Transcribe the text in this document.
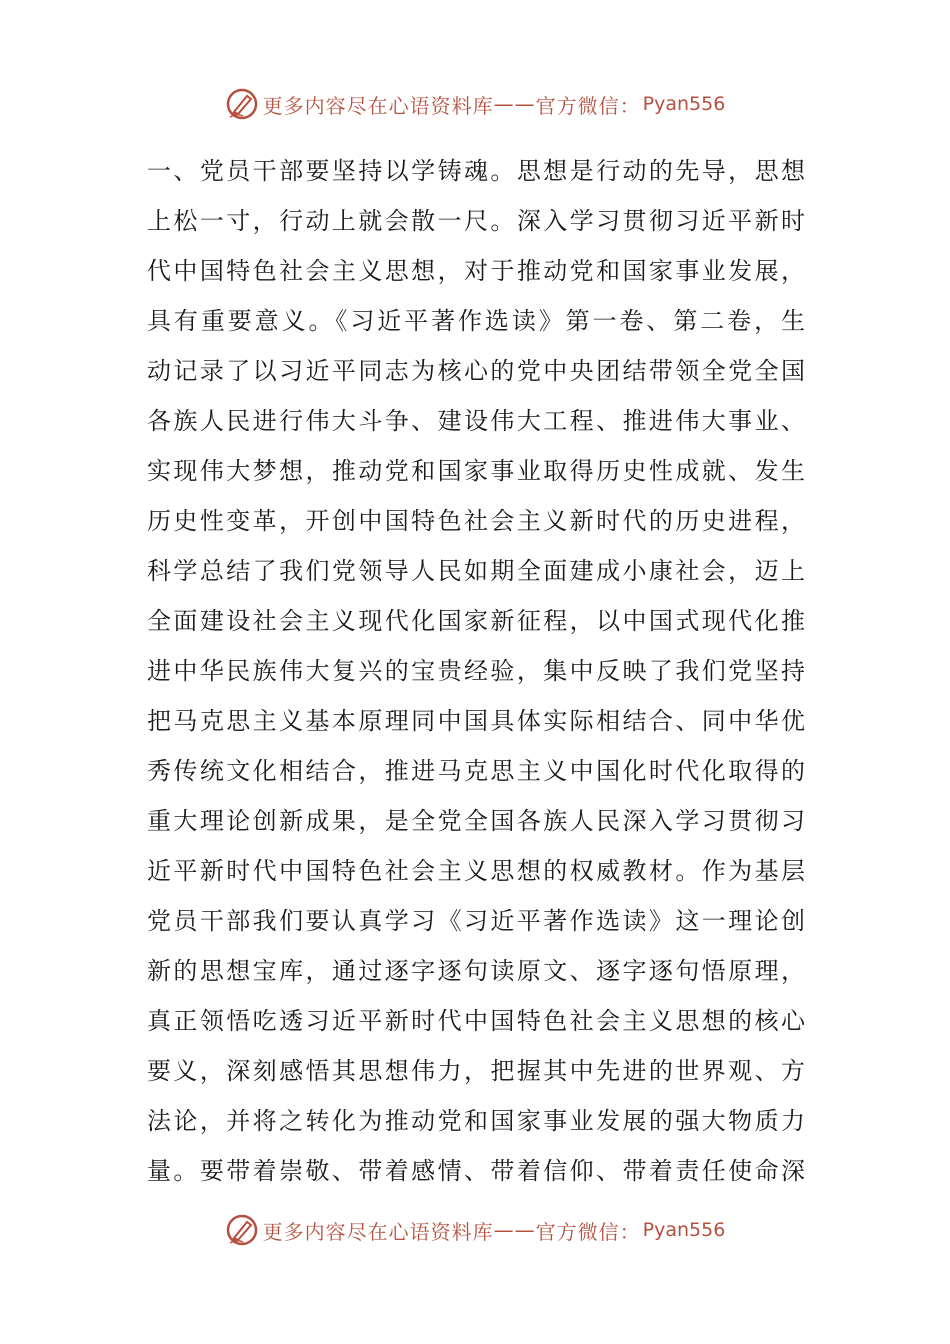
更多内容尽在心语资料库 —— 官方微信： Pyan556
一、党员干部要坚持以学铸魂。思想是行动的先导，思想
上松一寸，行动上就会散一尺。深入学习贯彻习近平新时
代中国特色社会主义思想，对于推动党和国家事业发展，
具有重要意义。《习近平著作选读》第一卷、第二卷，生
动记录了以习近平同志为核心的党中央团结带领全党全国
各族人民进行伟大斗争、建设伟大工程、推进伟大事业、
实现伟大梦想，推动党和国家事业取得历史性成就、发生
历史性变革，开创中国特色社会主义新时代的历史进程，
科学总结了我们党领导人民如期全面建成小康社会，迈上
全面建设社会主义现代化国家新征程，以中国式现代化推
进中华民族伟大复兴的宝贵经验，集中反映了我们党坚持
把马克思主义基本原理同中国具体实际相结合、同中华优
秀传统文化相结合，推进马克思主义中国化时代化取得的
重大理论创新成果，是全党全国各族人民深入学习贯彻习
近平新时代中国特色社会主义思想的权威教材。作为基层
党员干部我们要认真学习《习近平著作选读》这一理论创
新的思想宝库，通过逐字逐句读原文、逐字逐句悟原理，
真正领悟吃透习近平新时代中国特色社会主义思想的核心
要义，深刻感悟其思想伟力，把握其中先进的世界观、方
法论，并将之转化为推动党和国家事业发展的强大物质力
量。要带着崇敬、带着感情、带着信仰、带着责任使命深
更多内容尽在心语资料库 —— 官方微信： Pyan556
